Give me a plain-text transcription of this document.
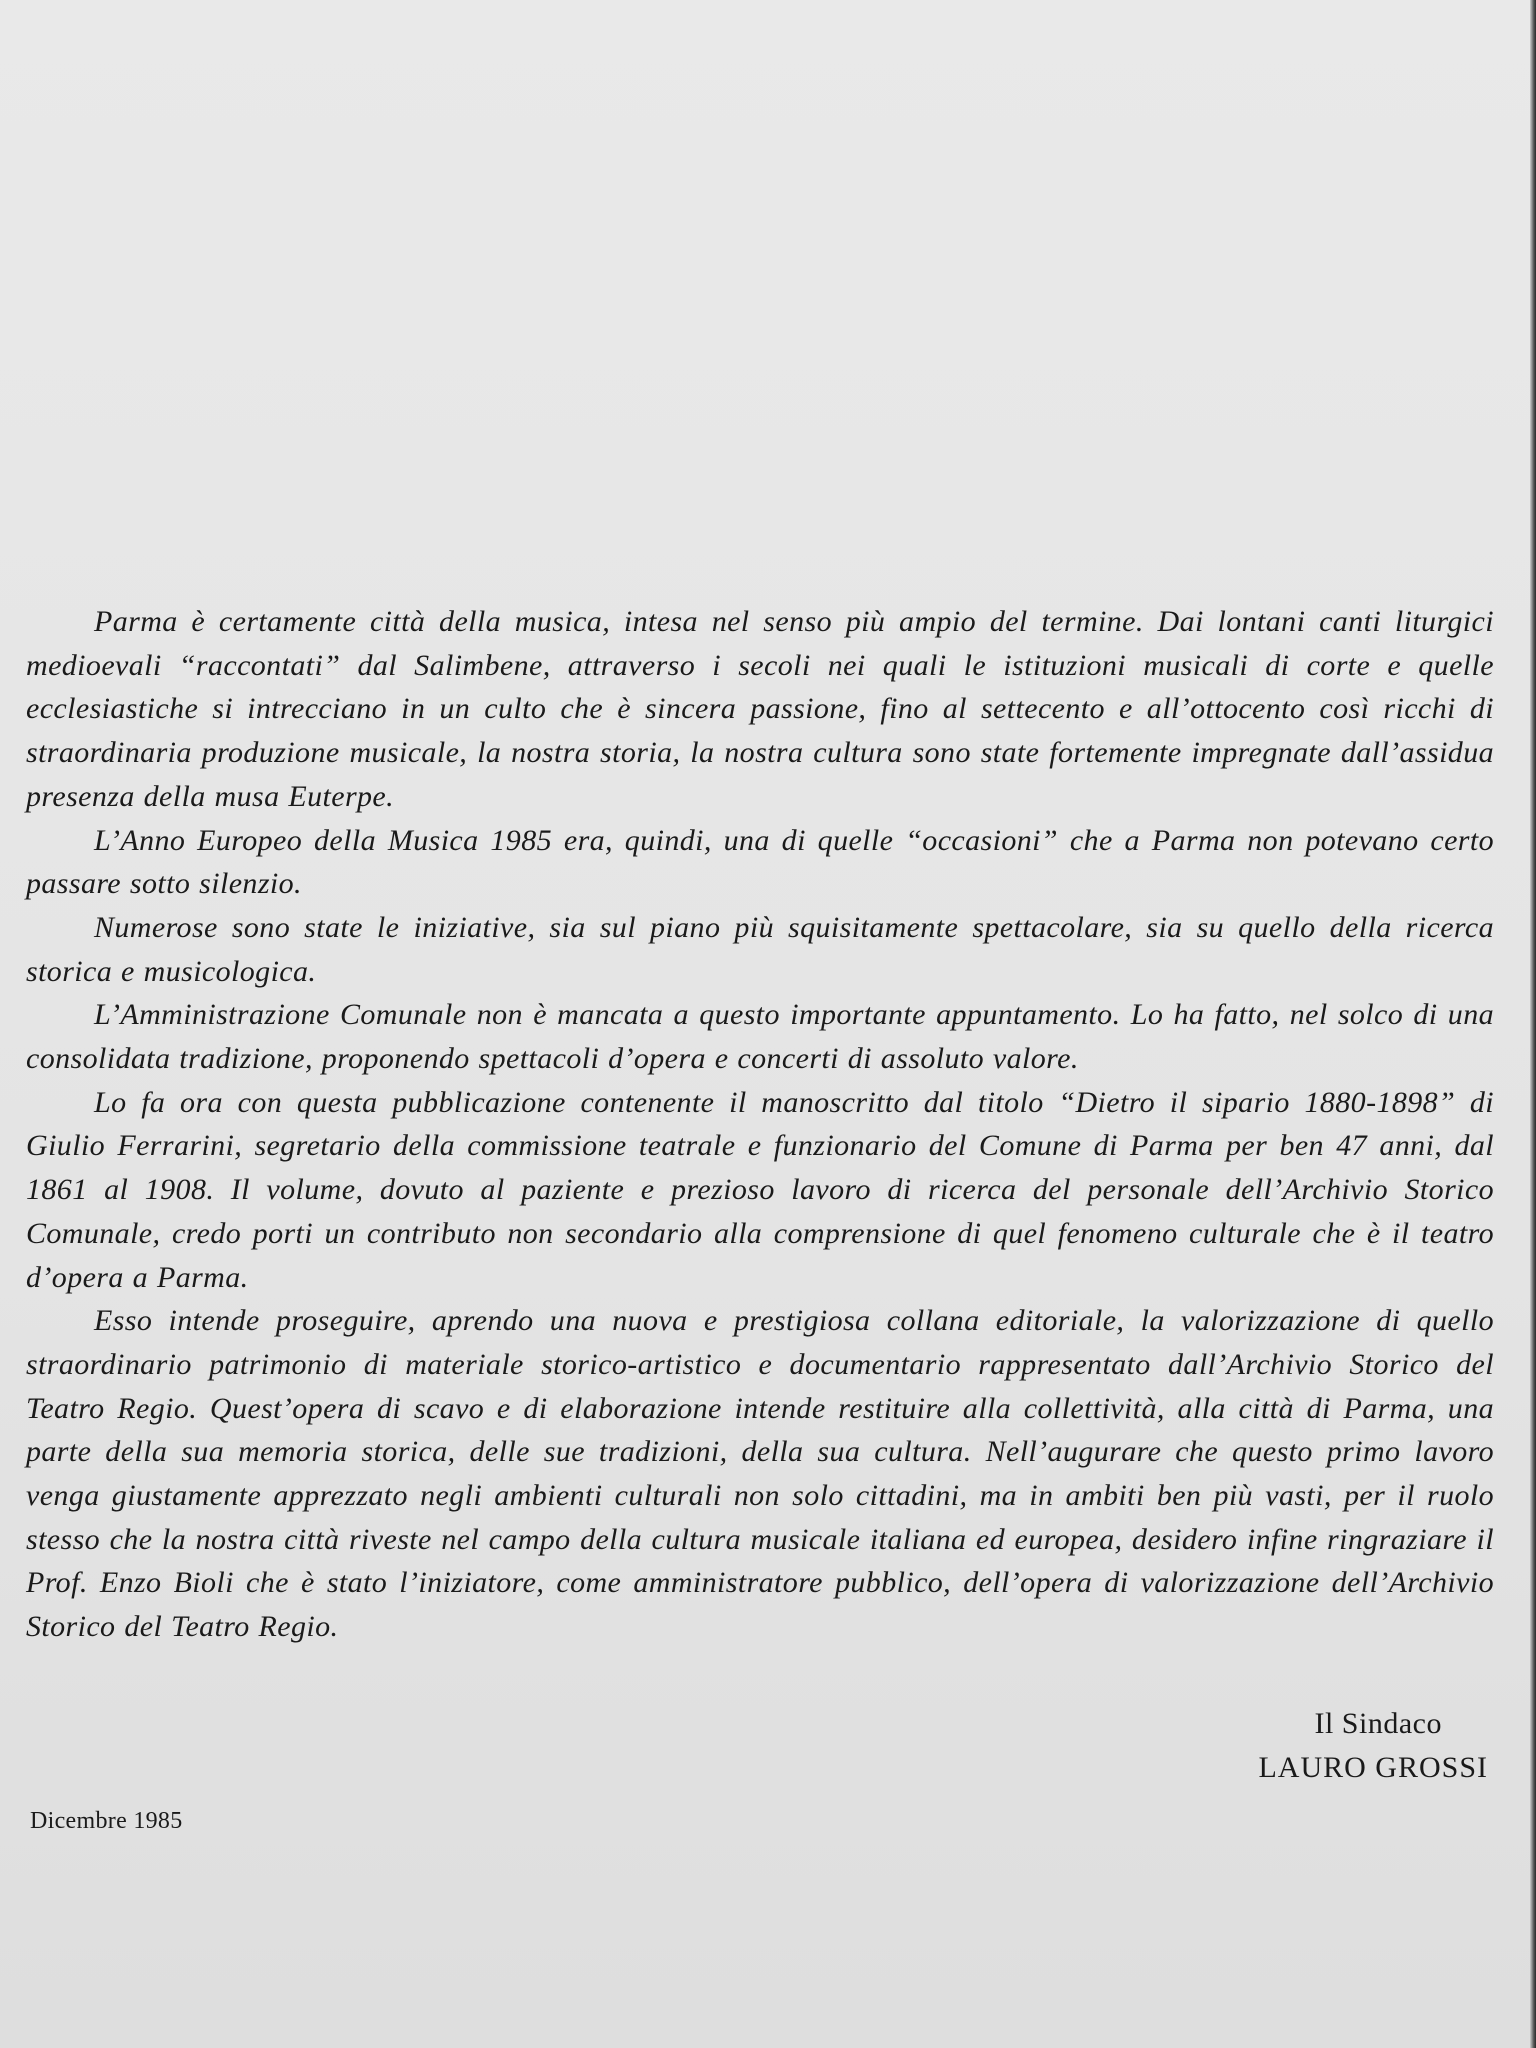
Parma è certamente città della musica, intesa nel senso più ampio del termine. Dai lontani canti liturgici medioevali “raccontati” dal Salimbene, attraverso i secoli nei quali le istituzioni musicali di corte e quelle ecclesiastiche si intrecciano in un culto che è sincera passione, fino al settecento e all’ottocento così ricchi di straordinaria produzione musicale, la nostra storia, la nostra cultura sono state fortemente impregnate dall’assidua presenza della musa Euterpe.

L’Anno Europeo della Musica 1985 era, quindi, una di quelle “occasioni” che a Parma non potevano certo passare sotto silenzio.

Numerose sono state le iniziative, sia sul piano più squisitamente spettacolare, sia su quello della ricerca storica e musicologica.

L’Amministrazione Comunale non è mancata a questo importante appuntamento. Lo ha fatto, nel solco di una consolidata tradizione, proponendo spettacoli d’opera e concerti di assoluto valore.

Lo fa ora con questa pubblicazione contenente il manoscritto dal titolo “Dietro il sipario 1880-1898” di Giulio Ferrarini, segretario della commissione teatrale e funzionario del Comune di Parma per ben 47 anni, dal 1861 al 1908. Il volume, dovuto al paziente e prezioso lavoro di ricerca del personale dell’Archivio Storico Comunale, credo porti un contributo non secondario alla comprensione di quel fenomeno culturale che è il teatro d’opera a Parma.

Esso intende proseguire, aprendo una nuova e prestigiosa collana editoriale, la valorizzazione di quello straordinario patrimonio di materiale storico-artistico e documentario rappresentato dall’Archivio Storico del Teatro Regio. Quest’opera di scavo e di elaborazione intende restituire alla collettività, alla città di Parma, una parte della sua memoria storica, delle sue tradizioni, della sua cultura. Nell’augurare che questo primo lavoro venga giustamente apprezzato negli ambienti culturali non solo cittadini, ma in ambiti ben più vasti, per il ruolo stesso che la nostra città riveste nel campo della cultura musicale italiana ed europea, desidero infine ringraziare il Prof. Enzo Bioli che è stato l’iniziatore, come amministratore pubblico, dell’opera di valorizzazione dell’Archivio Storico del Teatro Regio.

Il Sindaco
LAURO GROSSI
Dicembre 1985
